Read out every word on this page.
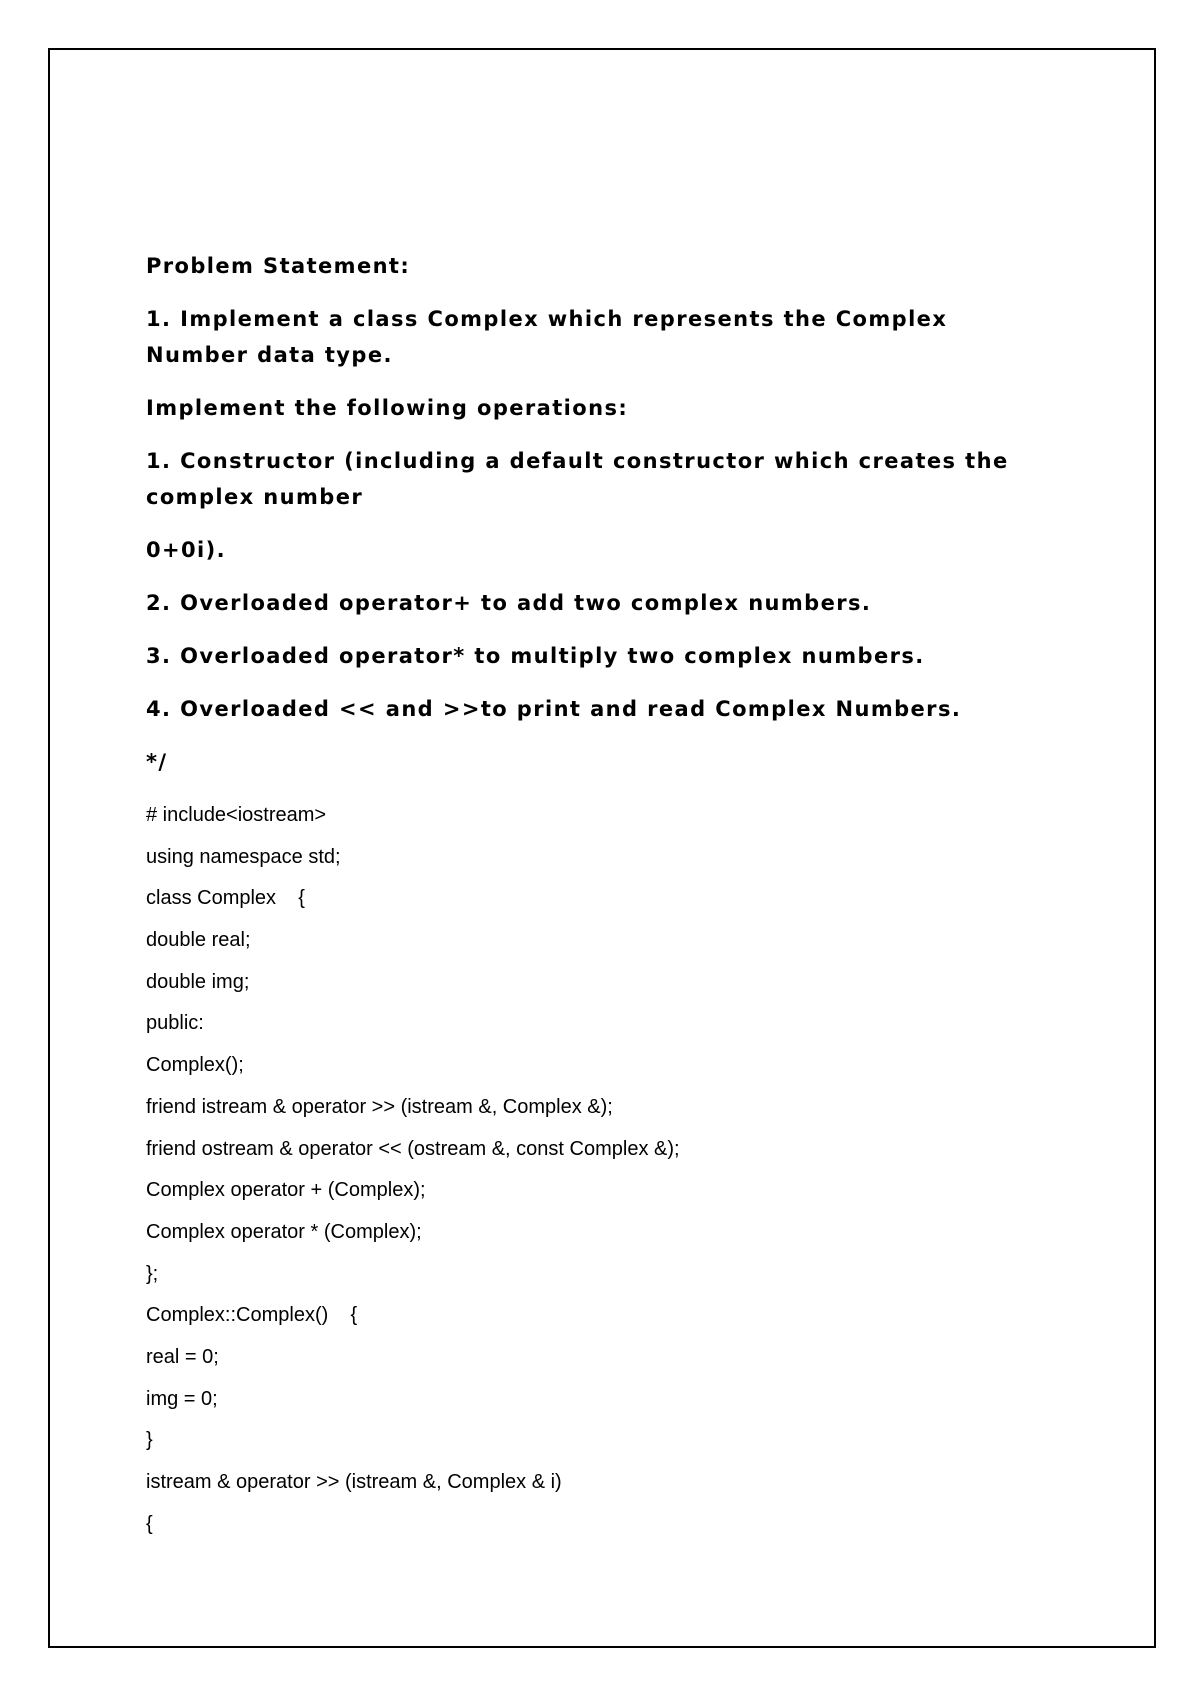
Problem Statement:

1. Implement a class Complex which represents the Complex Number data type.

Implement the following operations:

1. Constructor (including a default constructor which creates the complex number

0+0i).

2. Overloaded operator+ to add two complex numbers.

3. Overloaded operator* to multiply two complex numbers.

4. Overloaded << and >>to print and read Complex Numbers.

*/

# include<iostream>
using namespace std;
class Complex    {
double real;
double img;
public:
Complex();
friend istream & operator >> (istream &, Complex &);
friend ostream & operator << (ostream &, const Complex &);
Complex operator + (Complex);
Complex operator * (Complex);
};
Complex::Complex()    {
real = 0;
img = 0;
}
istream & operator >> (istream &, Complex & i)
{
